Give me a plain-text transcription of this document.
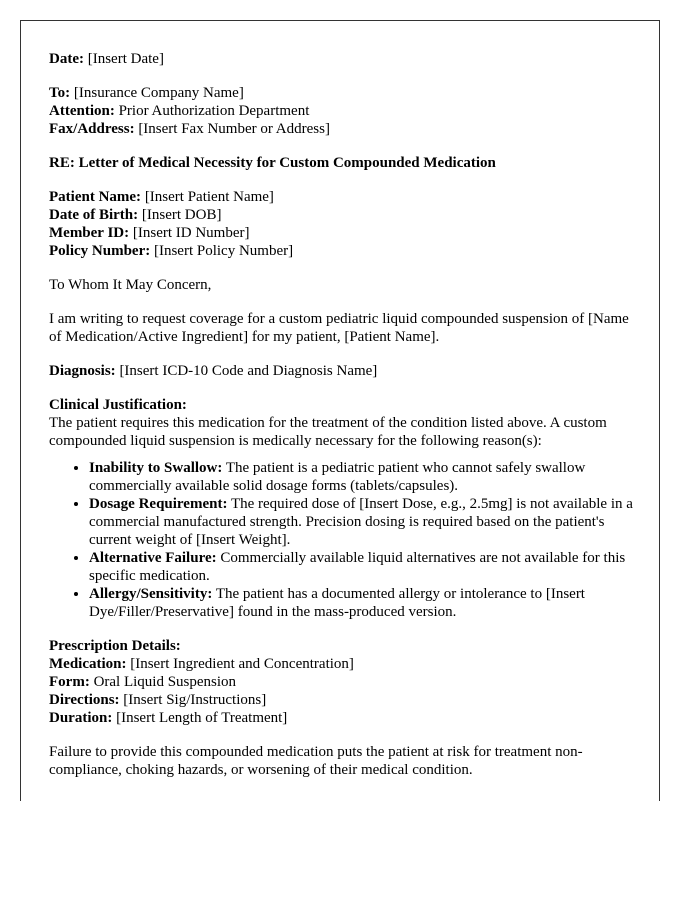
Date: [Insert Date]

To: [Insurance Company Name]
Attention: Prior Authorization Department
Fax/Address: [Insert Fax Number or Address]

RE: Letter of Medical Necessity for Custom Compounded Medication

Patient Name: [Insert Patient Name]
Date of Birth: [Insert DOB]
Member ID: [Insert ID Number]
Policy Number: [Insert Policy Number]

To Whom It May Concern,

I am writing to request coverage for a custom pediatric liquid compounded suspension of [Name of Medication/Active Ingredient] for my patient, [Patient Name].

Diagnosis: [Insert ICD-10 Code and Diagnosis Name]

Clinical Justification:
The patient requires this medication for the treatment of the condition listed above. A custom compounded liquid suspension is medically necessary for the following reason(s):
• Inability to Swallow: The patient is a pediatric patient who cannot safely swallow commercially available solid dosage forms (tablets/capsules).
• Dosage Requirement: The required dose of [Insert Dose, e.g., 2.5mg] is not available in a commercial manufactured strength. Precision dosing is required based on the patient's current weight of [Insert Weight].
• Alternative Failure: Commercially available liquid alternatives are not available for this specific medication.
• Allergy/Sensitivity: The patient has a documented allergy or intolerance to [Insert Dye/Filler/Preservative] found in the mass-produced version.
Prescription Details:
Medication: [Insert Ingredient and Concentration]
Form: Oral Liquid Suspension
Directions: [Insert Sig/Instructions]
Duration: [Insert Length of Treatment]

Failure to provide this compounded medication puts the patient at risk for treatment non-compliance, choking hazards, or worsening of their medical condition.
